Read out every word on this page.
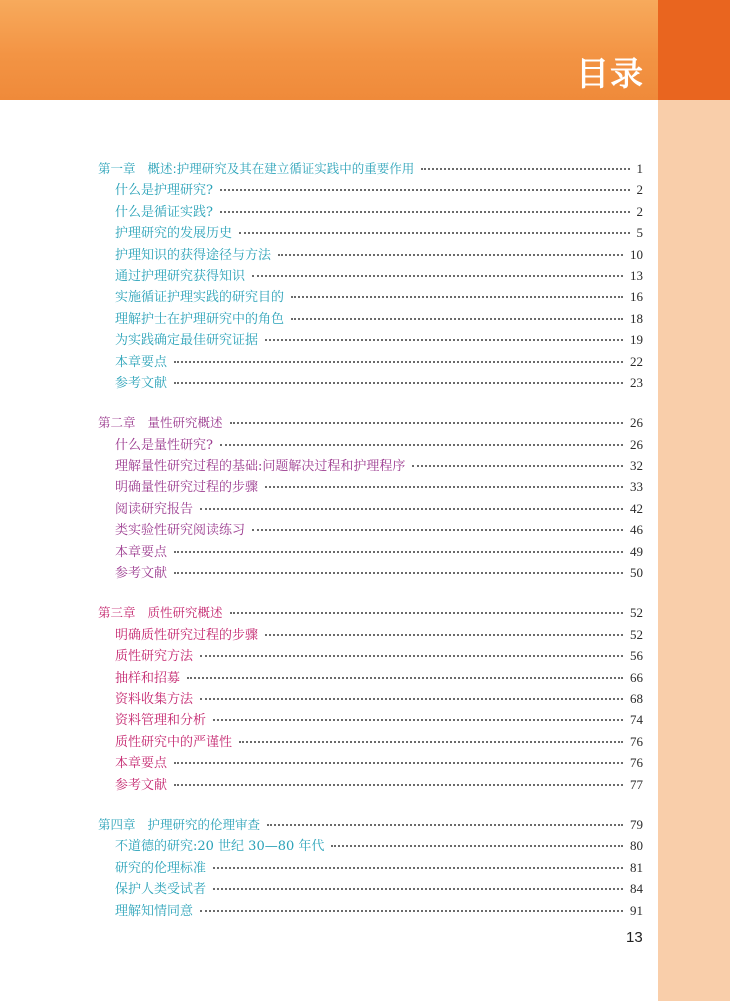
目录
第一章 概述:护理研究及其在建立循证实践中的重要作用	1
什么是护理研究?	2
什么是循证实践?	2
护理研究的发展历史	5
护理知识的获得途径与方法	10
通过护理研究获得知识	13
实施循证护理实践的研究目的	16
理解护士在护理研究中的角色	18
为实践确定最佳研究证据	19
本章要点	22
参考文献	23
第二章 量性研究概述	26
什么是量性研究?	26
理解量性研究过程的基础:问题解决过程和护理程序	32
明确量性研究过程的步骤	33
阅读研究报告	42
类实验性研究阅读练习	46
本章要点	49
参考文献	50
第三章 质性研究概述	52
明确质性研究过程的步骤	52
质性研究方法	56
抽样和招募	66
资料收集方法	68
资料管理和分析	74
质性研究中的严谨性	76
本章要点	76
参考文献	77
第四章 护理研究的伦理审查	79
不道德的研究:20 世纪 30—80 年代	80
研究的伦理标准	81
保护人类受试者	84
理解知情同意	91
13
